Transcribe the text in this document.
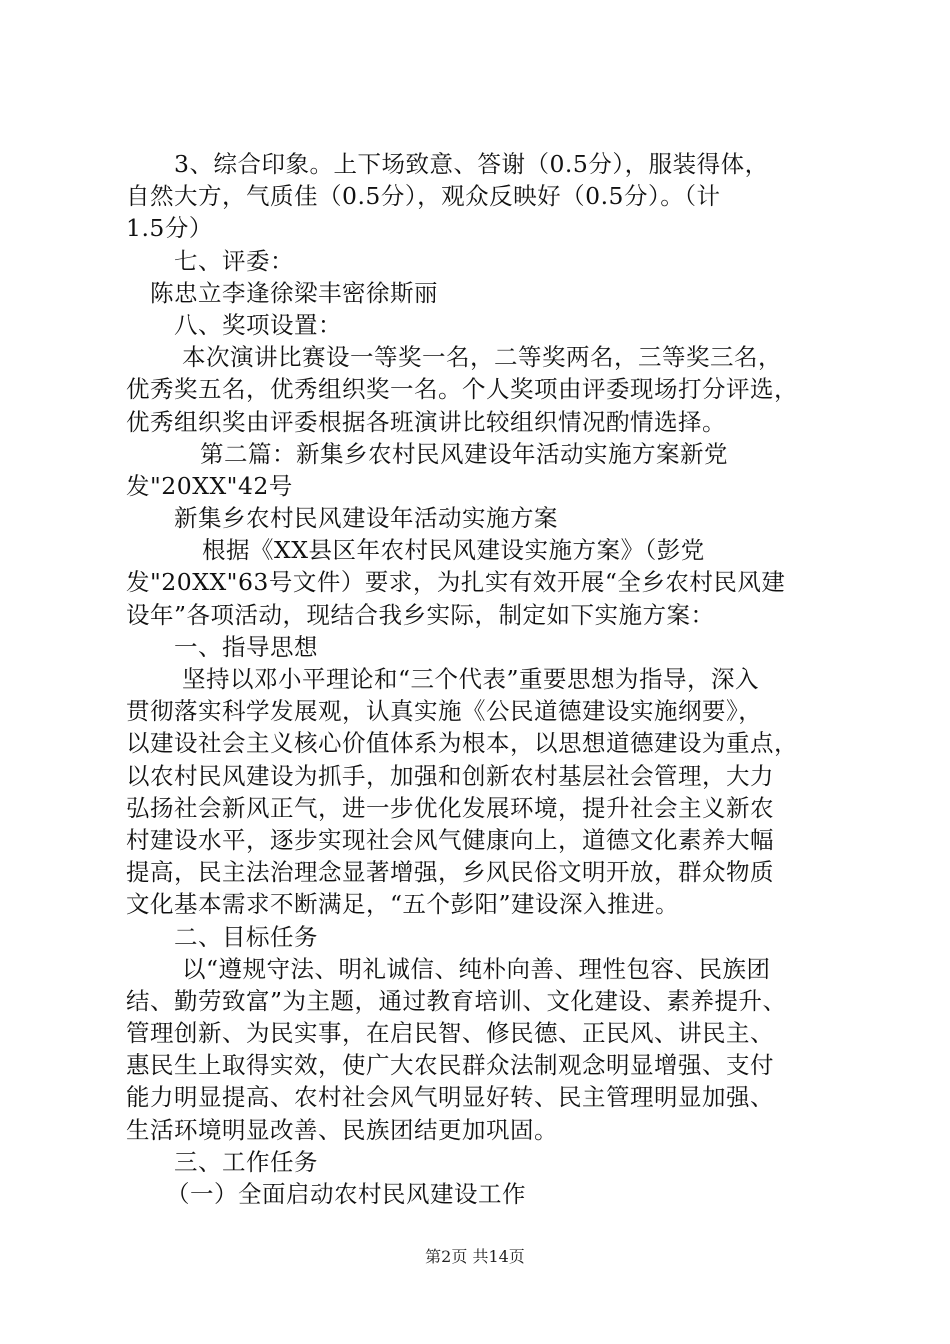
3、综合印象。上下场致意、答谢（0.5分），服装得体，
自然大方，气质佳（0.5分），观众反映好（0.5分）。（计
1.5分）
七、评委：
陈忠立李逢徐梁丰密徐斯丽
八、奖项设置：
本次演讲比赛设一等奖一名，二等奖两名，三等奖三名，
优秀奖五名，优秀组织奖一名。个人奖项由评委现场打分评选，
优秀组织奖由评委根据各班演讲比较组织情况酌情选择。
第二篇：新集乡农村民风建设年活动实施方案新党
发"20XX"42号
新集乡农村民风建设年活动实施方案
根据《XX县区年农村民风建设实施方案》（彭党
发"20XX"63号文件）要求，为扎实有效开展“全乡农村民风建
设年”各项活动，现结合我乡实际，制定如下实施方案：
一、指导思想
坚持以邓小平理论和“三个代表”重要思想为指导，深入
贯彻落实科学发展观，认真实施《公民道德建设实施纲要》，
以建设社会主义核心价值体系为根本，以思想道德建设为重点，
以农村民风建设为抓手，加强和创新农村基层社会管理，大力
弘扬社会新风正气，进一步优化发展环境，提升社会主义新农
村建设水平，逐步实现社会风气健康向上，道德文化素养大幅
提高，民主法治理念显著增强，乡风民俗文明开放，群众物质
文化基本需求不断满足，“五个彭阳”建设深入推进。
二、目标任务
以“遵规守法、明礼诚信、纯朴向善、理性包容、民族团
结、勤劳致富”为主题，通过教育培训、文化建设、素养提升、
管理创新、为民实事，在启民智、修民德、正民风、讲民主、
惠民生上取得实效，使广大农民群众法制观念明显增强、支付
能力明显提高、农村社会风气明显好转、民主管理明显加强、
生活环境明显改善、民族团结更加巩固。
三、工作任务
（一）全面启动农村民风建设工作
第2页 共14页
